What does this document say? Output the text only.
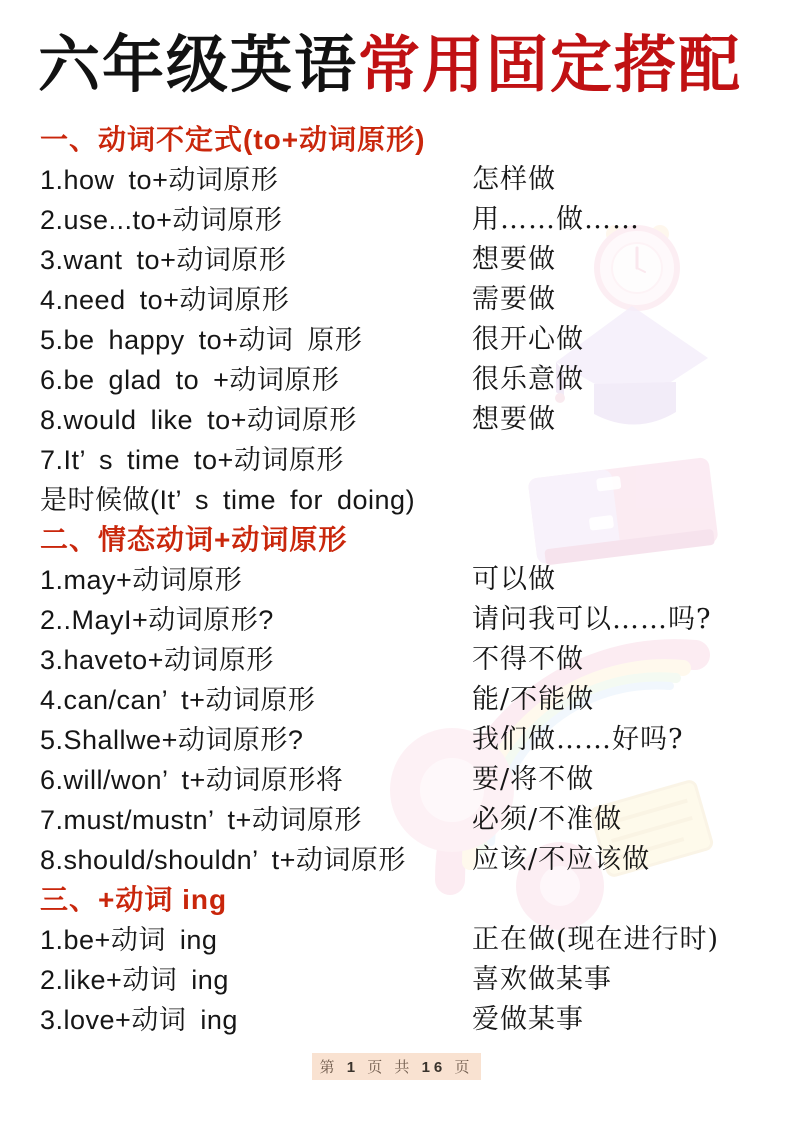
六年级英语常用固定搭配
一、动词不定式(to+动词原形)
1.how to+动词原形	怎样做
2.use...to+动词原形	用……做……
3.want to+动词原形	想要做
4.need to+动词原形	需要做
5.be happy to+动词 原形	很开心做
6.be glad to +动词原形	很乐意做
8.would like to+动词原形	想要做
7.It’ s time to+动词原形
是时候做(It’ s time for doing)
二、情态动词+动词原形
1.may+动词原形	可以做
2..MayI+动词原形?	请问我可以……吗?
3.haveto+动词原形	不得不做
4.can/can’ t+动词原形	能/不能做
5.Shallwe+动词原形?	我们做……好吗?
6.will/won’ t+动词原形将	要/将不做
7.must/mustn’ t+动词原形	必须/不准做
8.should/shouldn’ t+动词原形	应该/不应该做
三、+动词 ing
1.be+动词 ing	正在做(现在进行时)
2.like+动词 ing	喜欢做某事
3.love+动词 ing	爱做某事
第 1 页 共 16 页
